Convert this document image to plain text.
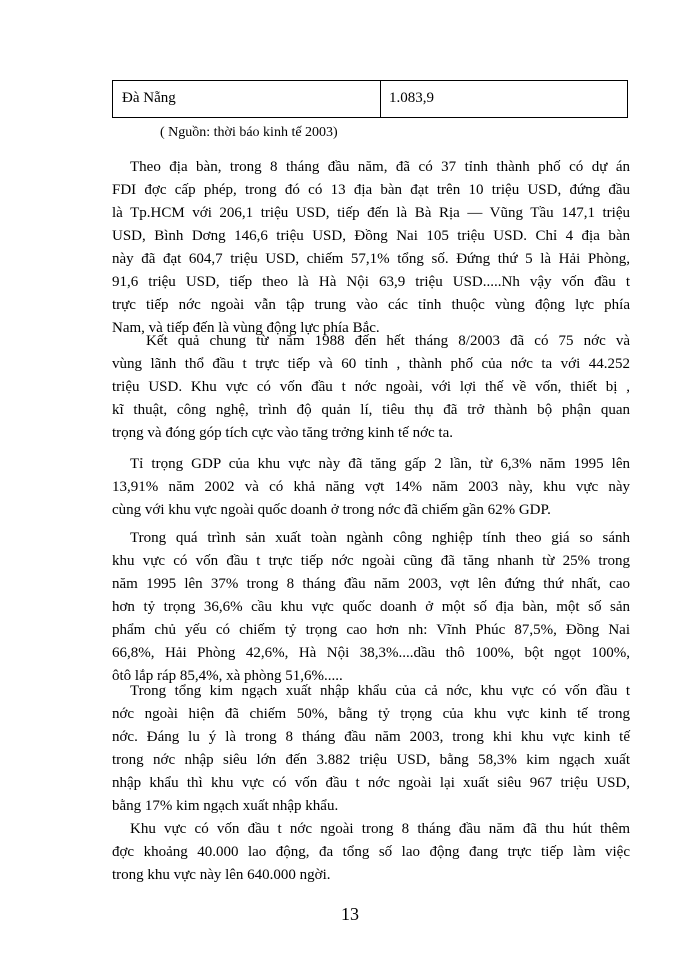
Đà Nẵng	1.083,9
( Nguồn: thời báo kinh tế 2003)
Theo địa bàn, trong 8 tháng đầu năm, đã có 37 tỉnh thành phố có dự án
FDI đợc cấp phép, trong đó có 13 địa bàn đạt trên 10 triệu USD, đứng đầu
là Tp.HCM với 206,1 triệu USD, tiếp đến là Bà Rịa — Vũng Tầu 147,1 triệu
USD, Bình Dơng 146,6 triệu USD, Đồng Nai 105 triệu USD. Chỉ 4 địa bàn
này đã đạt 604,7 triệu USD, chiếm 57,1% tổng số. Đứng thứ 5 là Hải Phòng,
91,6 triệu USD, tiếp theo là Hà Nội 63,9 triệu USD.....Nh vậy vốn đầu t
trực tiếp nớc ngoài vẫn tập trung vào các tỉnh thuộc vùng động lực phía
Nam, và tiếp đến là vùng động lực phía Bắc.
Kết quả chung từ năm 1988 đến hết tháng 8/2003 đã có 75 nớc và
vùng lãnh thổ đầu t trực tiếp và 60 tỉnh , thành phố của nớc ta với 44.252
triệu USD. Khu vực có vốn đầu t nớc ngoài, với lợi thế về vốn, thiết bị ,
kĩ thuật, công nghệ, trình độ quản lí, tiêu thụ đã trở thành bộ phận quan
trọng và đóng góp tích cực vào tăng trởng kinh tế nớc ta.
Tỉ trọng GDP của khu vực này đã tăng gấp 2 lần, từ 6,3% năm 1995 lên
13,91% năm 2002 và có khả năng vợt 14% năm 2003 này, khu vực này
cùng với khu vực ngoài quốc doanh ở trong nớc đã chiếm gần 62% GDP.
Trong quá trình sản xuất toàn ngành công nghiệp tính theo giá so sánh
khu vực có vốn đầu t trực tiếp nớc ngoài cũng đã tăng nhanh từ 25% trong
năm 1995 lên 37% trong 8 tháng đầu năm 2003, vợt lên đứng thứ nhất, cao
hơn tỷ trọng 36,6% cầu khu vực quốc doanh ở một số địa bàn, một số sản
phẩm chủ yếu có chiếm tỷ trọng cao hơn nh: Vĩnh Phúc 87,5%, Đồng Nai
66,8%, Hải Phòng 42,6%, Hà Nội 38,3%....dầu thô 100%, bột ngọt 100%,
ôtô lắp ráp 85,4%, xà phòng 51,6%.....
Trong tổng kim ngạch xuất nhập khẩu của cả nớc, khu vực có vốn đầu t
nớc ngoài hiện đã chiếm 50%, bằng tỷ trọng của khu vực kinh tế trong
nớc. Đáng lu ý là trong 8 tháng đầu năm 2003, trong khi khu vực kinh tế
trong nớc nhập siêu lớn đến 3.882 triệu USD, bằng 58,3% kim ngạch xuất
nhập khẩu thì khu vực có vốn đầu t nớc ngoài lại xuất siêu 967 triệu USD,
bằng 17% kim ngạch xuất nhập khẩu.
Khu vực có vốn đầu t nớc ngoài trong 8 tháng đầu năm đã thu hút thêm
đợc khoảng 40.000 lao động, đa tổng số lao động đang trực tiếp làm việc
trong khu vực này lên 640.000 ngời.
13
